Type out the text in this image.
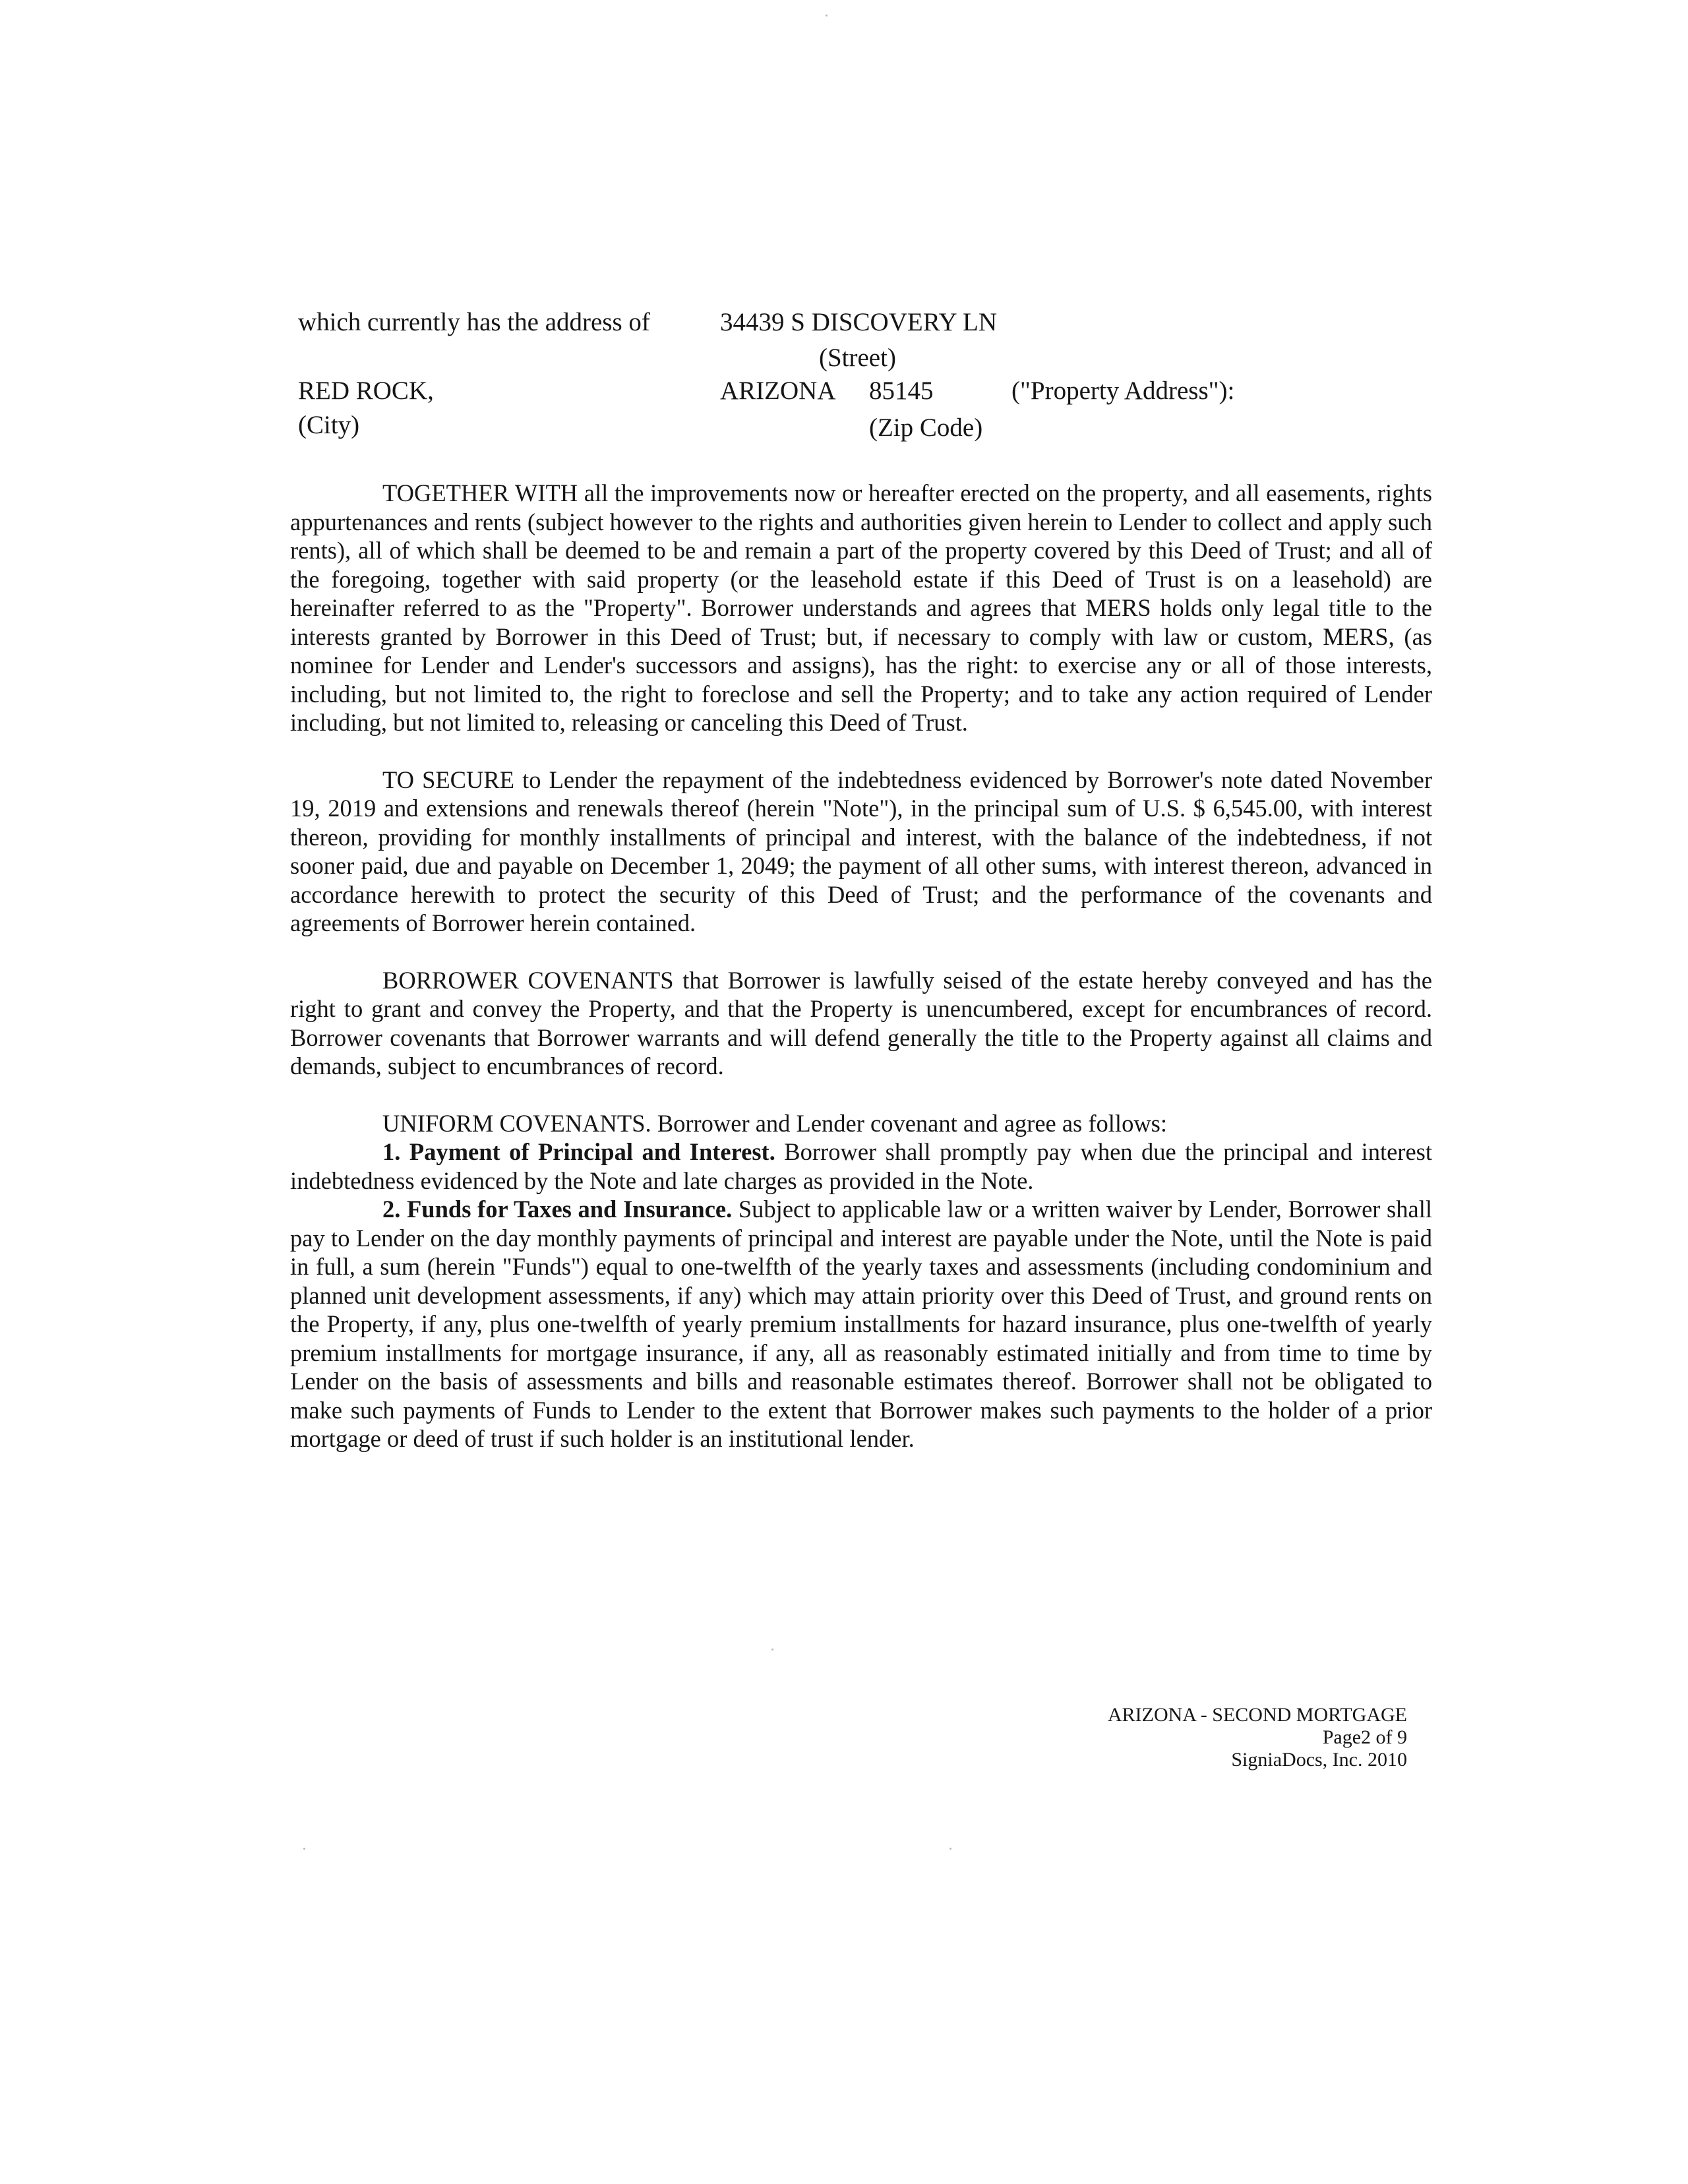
which currently has the address of	34439 S DISCOVERY LN
(Street)
RED ROCK,	ARIZONA 85145	("Property Address"):
(City)	(Zip Code)

TOGETHER WITH all the improvements now or hereafter erected on the property, and all easements, rights appurtenances and rents (subject however to the rights and authorities given herein to Lender to collect and apply such rents), all of which shall be deemed to be and remain a part of the property covered by this Deed of Trust; and all of the foregoing, together with said property (or the leasehold estate if this Deed of Trust is on a leasehold) are hereinafter referred to as the "Property". Borrower understands and agrees that MERS holds only legal title to the interests granted by Borrower in this Deed of Trust; but, if necessary to comply with law or custom, MERS, (as nominee for Lender and Lender's successors and assigns), has the right: to exercise any or all of those interests, including, but not limited to, the right to foreclose and sell the Property; and to take any action required of Lender including, but not limited to, releasing or canceling this Deed of Trust.

TO SECURE to Lender the repayment of the indebtedness evidenced by Borrower's note dated November 19, 2019 and extensions and renewals thereof (herein "Note"), in the principal sum of U.S. $ 6,545.00, with interest thereon, providing for monthly installments of principal and interest, with the balance of the indebtedness, if not sooner paid, due and payable on December 1, 2049; the payment of all other sums, with interest thereon, advanced in accordance herewith to protect the security of this Deed of Trust; and the performance of the covenants and agreements of Borrower herein contained.

BORROWER COVENANTS that Borrower is lawfully seised of the estate hereby conveyed and has the right to grant and convey the Property, and that the Property is unencumbered, except for encumbrances of record. Borrower covenants that Borrower warrants and will defend generally the title to the Property against all claims and demands, subject to encumbrances of record.

UNIFORM COVENANTS. Borrower and Lender covenant and agree as follows:

1. Payment of Principal and Interest. Borrower shall promptly pay when due the principal and interest indebtedness evidenced by the Note and late charges as provided in the Note.

2. Funds for Taxes and Insurance. Subject to applicable law or a written waiver by Lender, Borrower shall pay to Lender on the day monthly payments of principal and interest are payable under the Note, until the Note is paid in full, a sum (herein "Funds") equal to one-twelfth of the yearly taxes and assessments (including condominium and planned unit development assessments, if any) which may attain priority over this Deed of Trust, and ground rents on the Property, if any, plus one-twelfth of yearly premium installments for hazard insurance, plus one-twelfth of yearly premium installments for mortgage insurance, if any, all as reasonably estimated initially and from time to time by Lender on the basis of assessments and bills and reasonable estimates thereof. Borrower shall not be obligated to make such payments of Funds to Lender to the extent that Borrower makes such payments to the holder of a prior mortgage or deed of trust if such holder is an institutional lender.

ARIZONA - SECOND MORTGAGE
Page2 of 9
SigniaDocs, Inc. 2010
